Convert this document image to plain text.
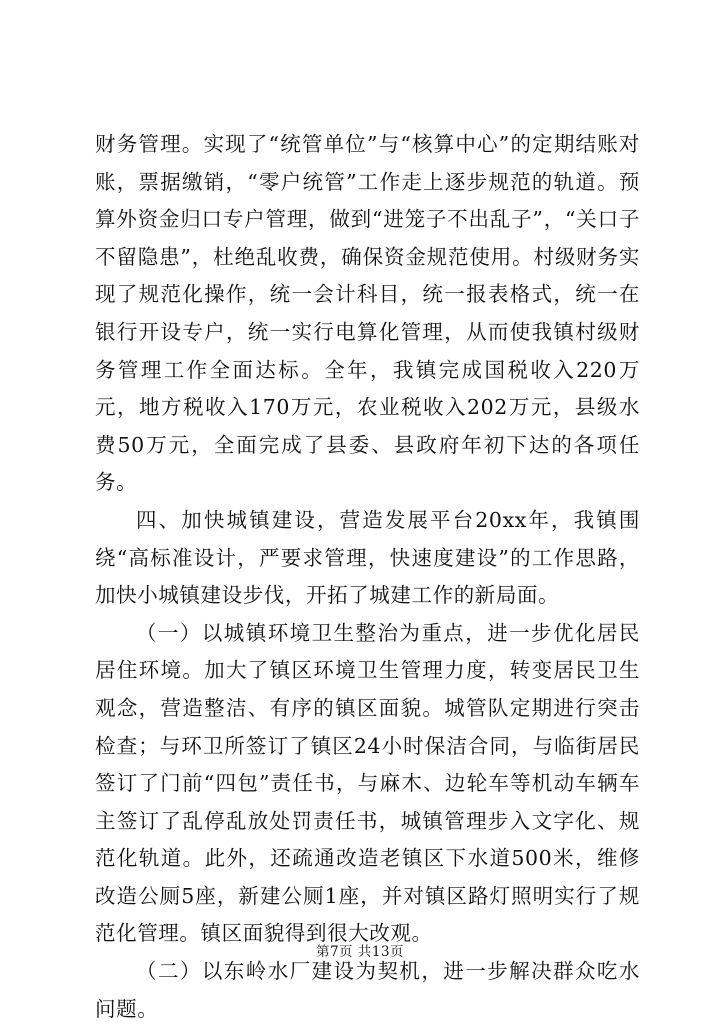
财务管理。实现了“统管单位”与“核算中心”的定期结账对账，票据缴销，“零户统管”工作走上逐步规范的轨道。预算外资金归口专户管理，做到“进笼子不出乱子”，“关口子不留隐患”，杜绝乱收费，确保资金规范使用。村级财务实现了规范化操作，统一会计科目，统一报表格式，统一在银行开设专户，统一实行电算化管理，从而使我镇村级财务管理工作全面达标。全年，我镇完成国税收入220万元，地方税收入170万元，农业税收入202万元，县级水费50万元，全面完成了县委、县政府年初下达的各项任务。

四、加快城镇建设，营造发展平台20xx年，我镇围绕“高标准设计，严要求管理，快速度建设”的工作思路，加快小城镇建设步伐，开拓了城建工作的新局面。

（一）以城镇环境卫生整治为重点，进一步优化居民居住环境。加大了镇区环境卫生管理力度，转变居民卫生观念，营造整洁、有序的镇区面貌。城管队定期进行突击检查；与环卫所签订了镇区24小时保洁合同，与临街居民签订了门前“四包”责任书，与麻木、边轮车等机动车辆车主签订了乱停乱放处罚责任书，城镇管理步入文字化、规范化轨道。此外，还疏通改造老镇区下水道500米，维修改造公厕5座，新建公厕1座，并对镇区路灯照明实行了规范化管理。镇区面貌得到很大改观。

（二）以东岭水厂建设为契机，进一步解决群众吃水问题。

第7页 共13页
